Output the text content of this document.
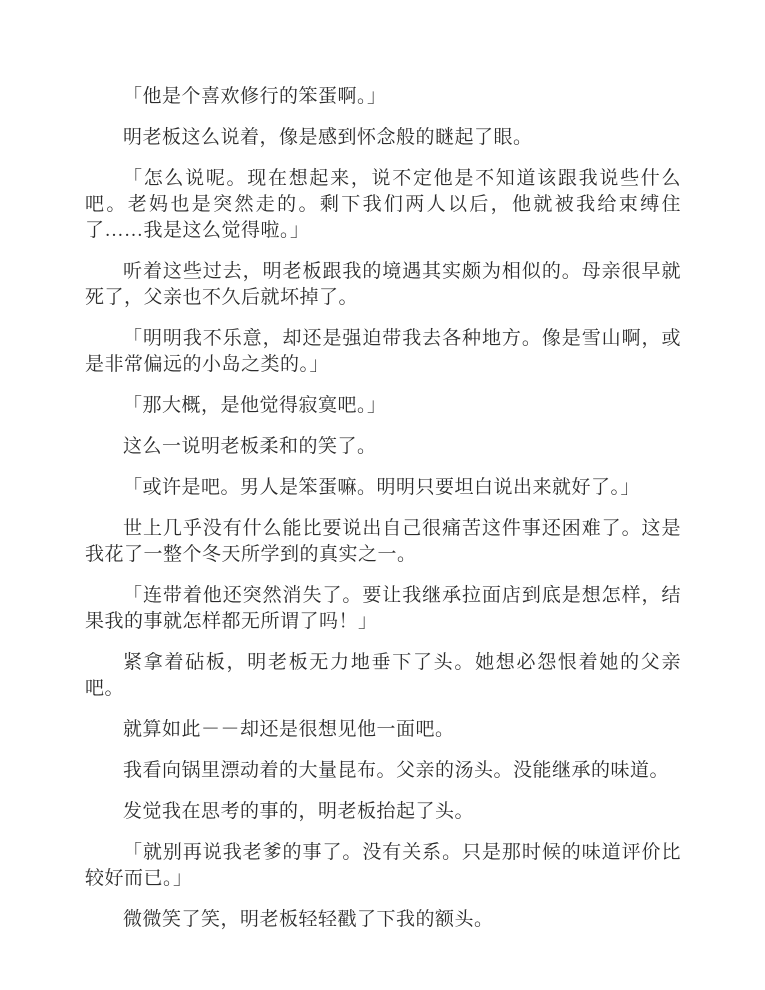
「他是个喜欢修行的笨蛋啊。」

明老板这么说着，像是感到怀念般的瞇起了眼。

「怎么说呢。现在想起来，说不定他是不知道该跟我说些什么吧。老妈也是突然走的。剩下我们两人以后，他就被我给束缚住了……我是这么觉得啦。」

听着这些过去，明老板跟我的境遇其实颇为相似的。母亲很早就死了，父亲也不久后就坏掉了。

「明明我不乐意，却还是强迫带我去各种地方。像是雪山啊，或是非常偏远的小岛之类的。」

「那大概，是他觉得寂寞吧。」

这么一说明老板柔和的笑了。

「或许是吧。男人是笨蛋嘛。明明只要坦白说出来就好了。」

世上几乎没有什么能比要说出自己很痛苦这件事还困难了。这是我花了一整个冬天所学到的真实之一。

「连带着他还突然消失了。要让我继承拉面店到底是想怎样，结果我的事就怎样都无所谓了吗！」

紧拿着砧板，明老板无力地垂下了头。她想必怨恨着她的父亲吧。

就算如此－－却还是很想见他一面吧。

我看向锅里漂动着的大量昆布。父亲的汤头。没能继承的味道。

发觉我在思考的事的，明老板抬起了头。

「就别再说我老爹的事了。没有关系。只是那时候的味道评价比较好而已。」

微微笑了笑，明老板轻轻戳了下我的额头。
